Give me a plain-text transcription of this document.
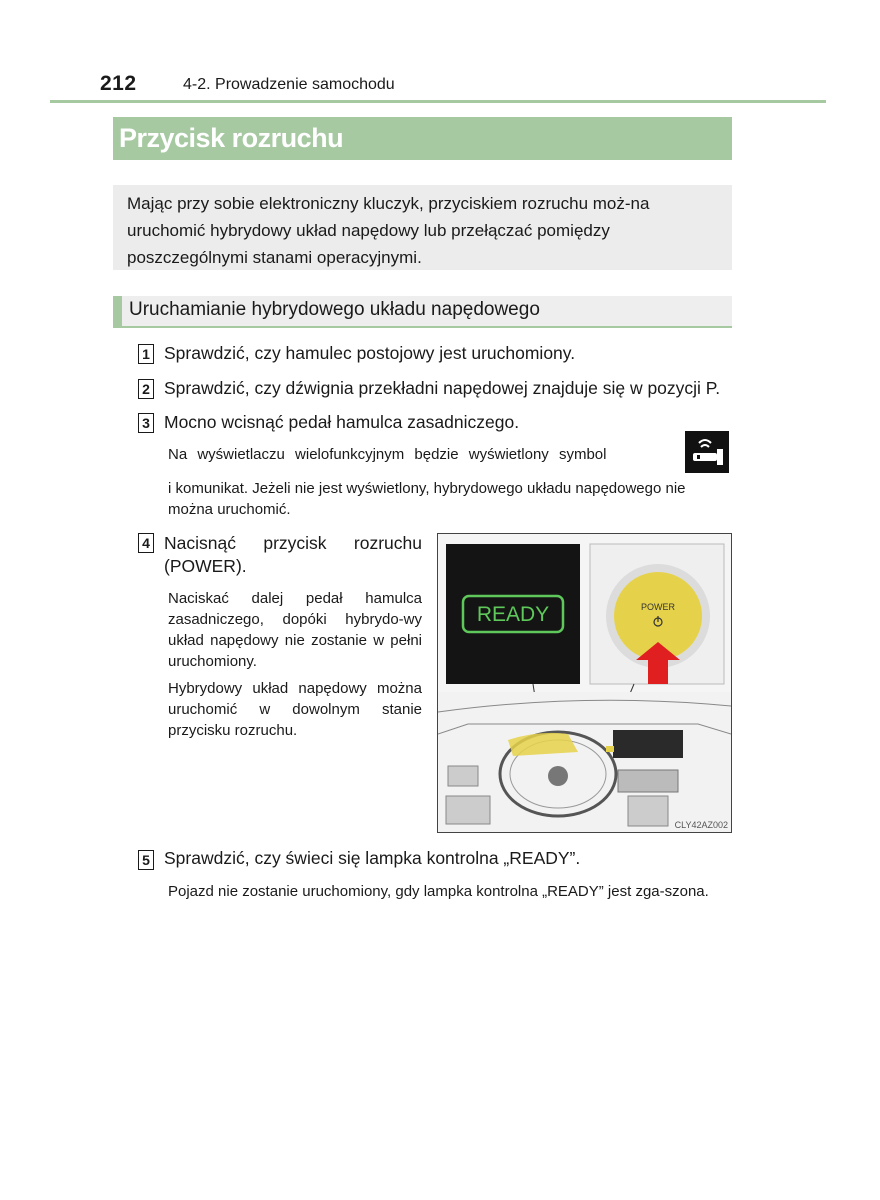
212	4-2. Prowadzenie samochodu
Przycisk rozruchu
Mając przy sobie elektroniczny kluczyk, przyciskiem rozruchu moż-na uruchomić hybrydowy układ napędowy lub przełączać pomiędzy poszczególnymi stanami operacyjnymi.
Uruchamianie hybrydowego układu napędowego
1 Sprawdzić, czy hamulec postojowy jest uruchomiony.
2 Sprawdzić, czy dźwignia przekładni napędowej znajduje się w pozycji P.
3 Mocno wcisnąć pedał hamulca zasadniczego.
Na wyświetlaczu wielofunkcyjnym będzie wyświetlony symbol
i komunikat. Jeżeli nie jest wyświetlony, hybrydowego układu napędowego nie można uruchomić.
4 Nacisnąć przycisk rozruchu (POWER).
Naciskać dalej pedał hamulca zasadniczego, dopóki hybrydo-wy układ napędowy nie zostanie w pełni uruchomiony.
Hybrydowy układ napędowy można uruchomić w dowolnym stanie przycisku rozruchu.
READY	POWER
CLY42AZ002
5 Sprawdzić, czy świeci się lampka kontrolna „READY”.
Pojazd nie zostanie uruchomiony, gdy lampka kontrolna „READY” jest zga-szona.
